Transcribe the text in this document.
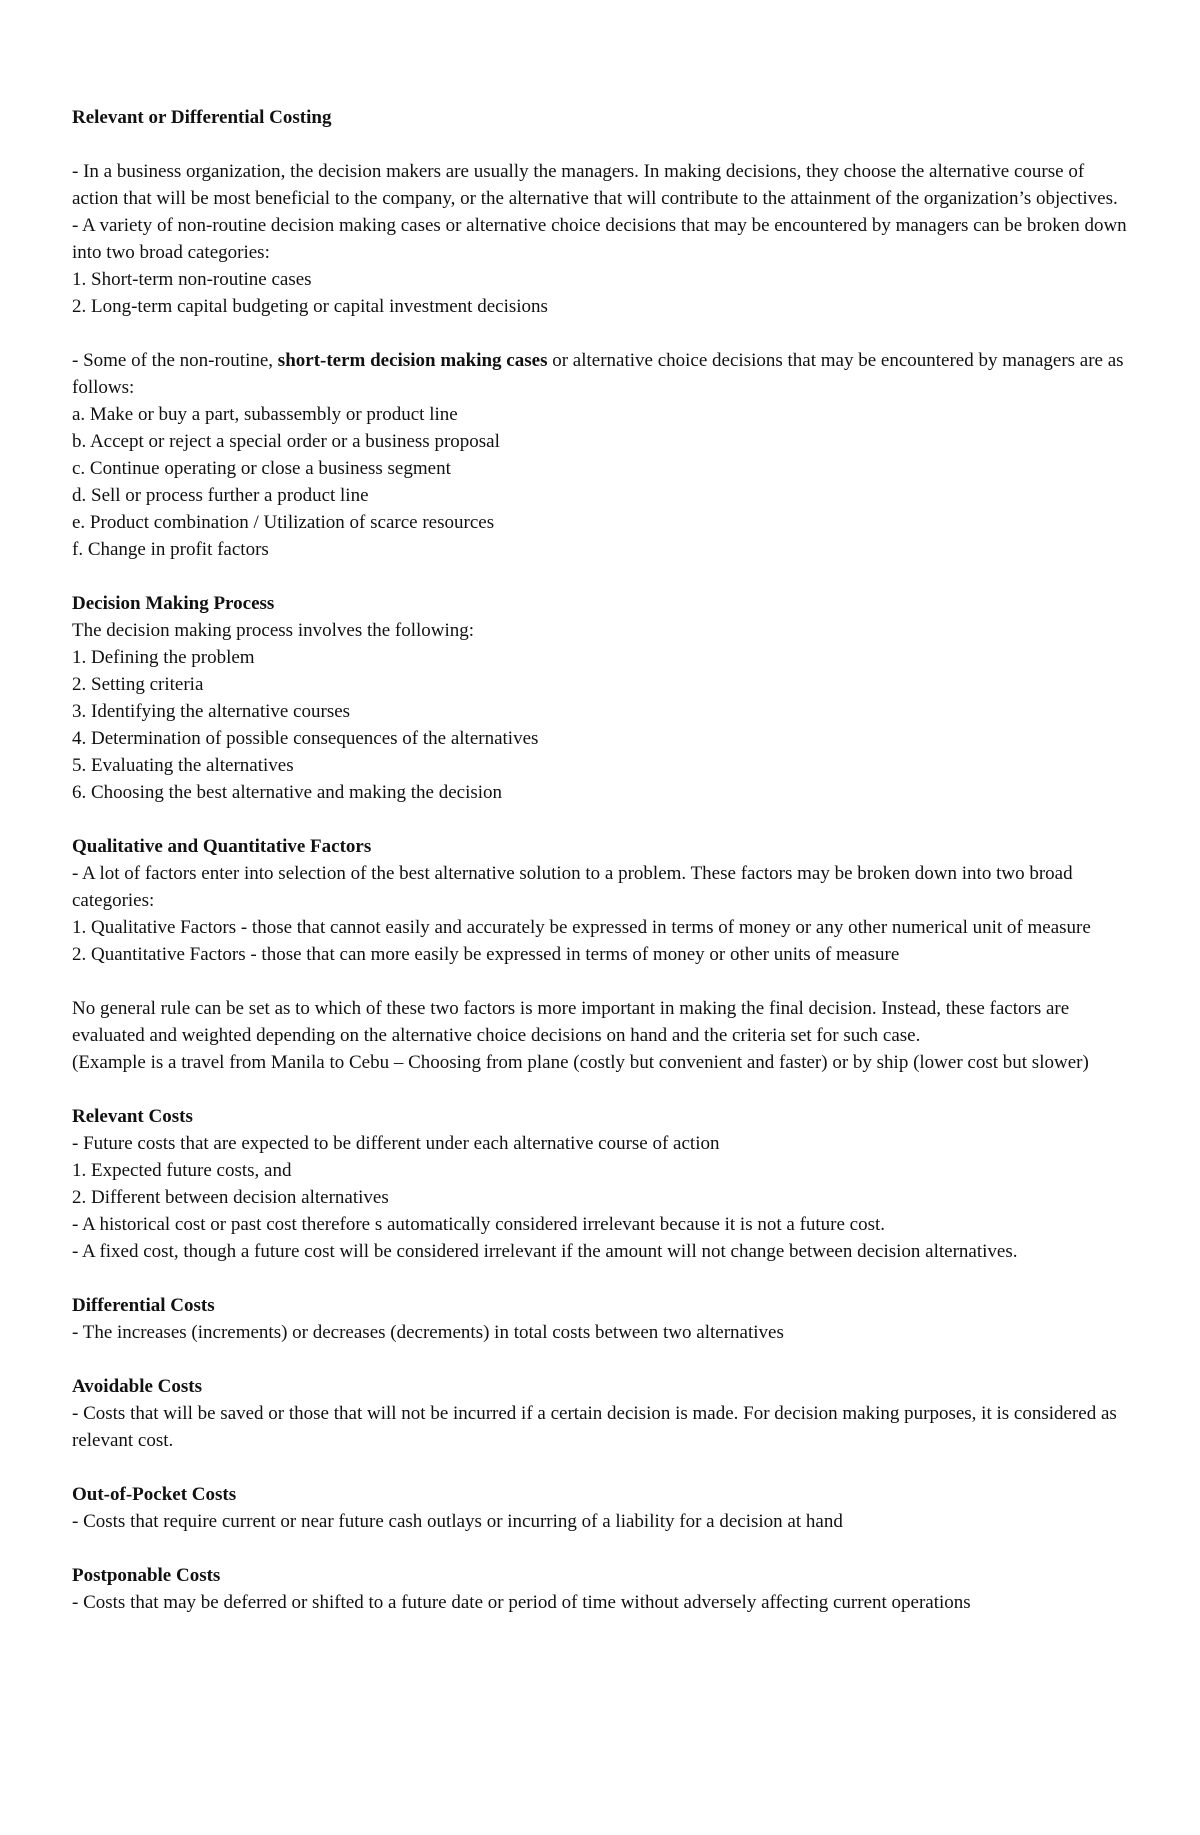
Relevant or Differential Costing

- In a business organization, the decision makers are usually the managers. In making decisions, they choose the alternative course of action that will be most beneficial to the company, or the alternative that will contribute to the attainment of the organization’s objectives.

- A variety of non-routine decision making cases or alternative choice decisions that may be encountered by managers can be broken down into two broad categories:

1. Short-term non-routine cases

2. Long-term capital budgeting or capital investment decisions

- Some of the non-routine, short-term decision making cases or alternative choice decisions that may be encountered by managers are as follows:

a. Make or buy a part, subassembly or product line

b. Accept or reject a special order or a business proposal

c. Continue operating or close a business segment

d. Sell or process further a product line

e. Product combination / Utilization of scarce resources

f. Change in profit factors

Decision Making Process

The decision making process involves the following:

1. Defining the problem

2. Setting criteria

3. Identifying the alternative courses

4. Determination of possible consequences of the alternatives

5. Evaluating the alternatives

6. Choosing the best alternative and making the decision

Qualitative and Quantitative Factors

- A lot of factors enter into selection of the best alternative solution to a problem. These factors may be broken down into two broad categories:

1. Qualitative Factors - those that cannot easily and accurately be expressed in terms of money or any other numerical unit of measure

2. Quantitative Factors - those that can more easily be expressed in terms of money or other units of measure

No general rule can be set as to which of these two factors is more important in making the final decision. Instead, these factors are evaluated and weighted depending on the alternative choice decisions on hand and the criteria set for such case.

(Example is a travel from Manila to Cebu – Choosing from plane (costly but convenient and faster) or by ship (lower cost but slower)

Relevant Costs

- Future costs that are expected to be different under each alternative course of action

1. Expected future costs, and

2. Different between decision alternatives

- A historical cost or past cost therefore s automatically considered irrelevant because it is not a future cost.

- A fixed cost, though a future cost will be considered irrelevant if the amount will not change between decision alternatives.

Differential Costs

- The increases (increments) or decreases (decrements) in total costs between two alternatives

Avoidable Costs

- Costs that will be saved or those that will not be incurred if a certain decision is made. For decision making purposes, it is considered as relevant cost.

Out-of-Pocket Costs

- Costs that require current or near future cash outlays or incurring of a liability for a decision at hand

Postponable Costs

- Costs that may be deferred or shifted to a future date or period of time without adversely affecting current operations
